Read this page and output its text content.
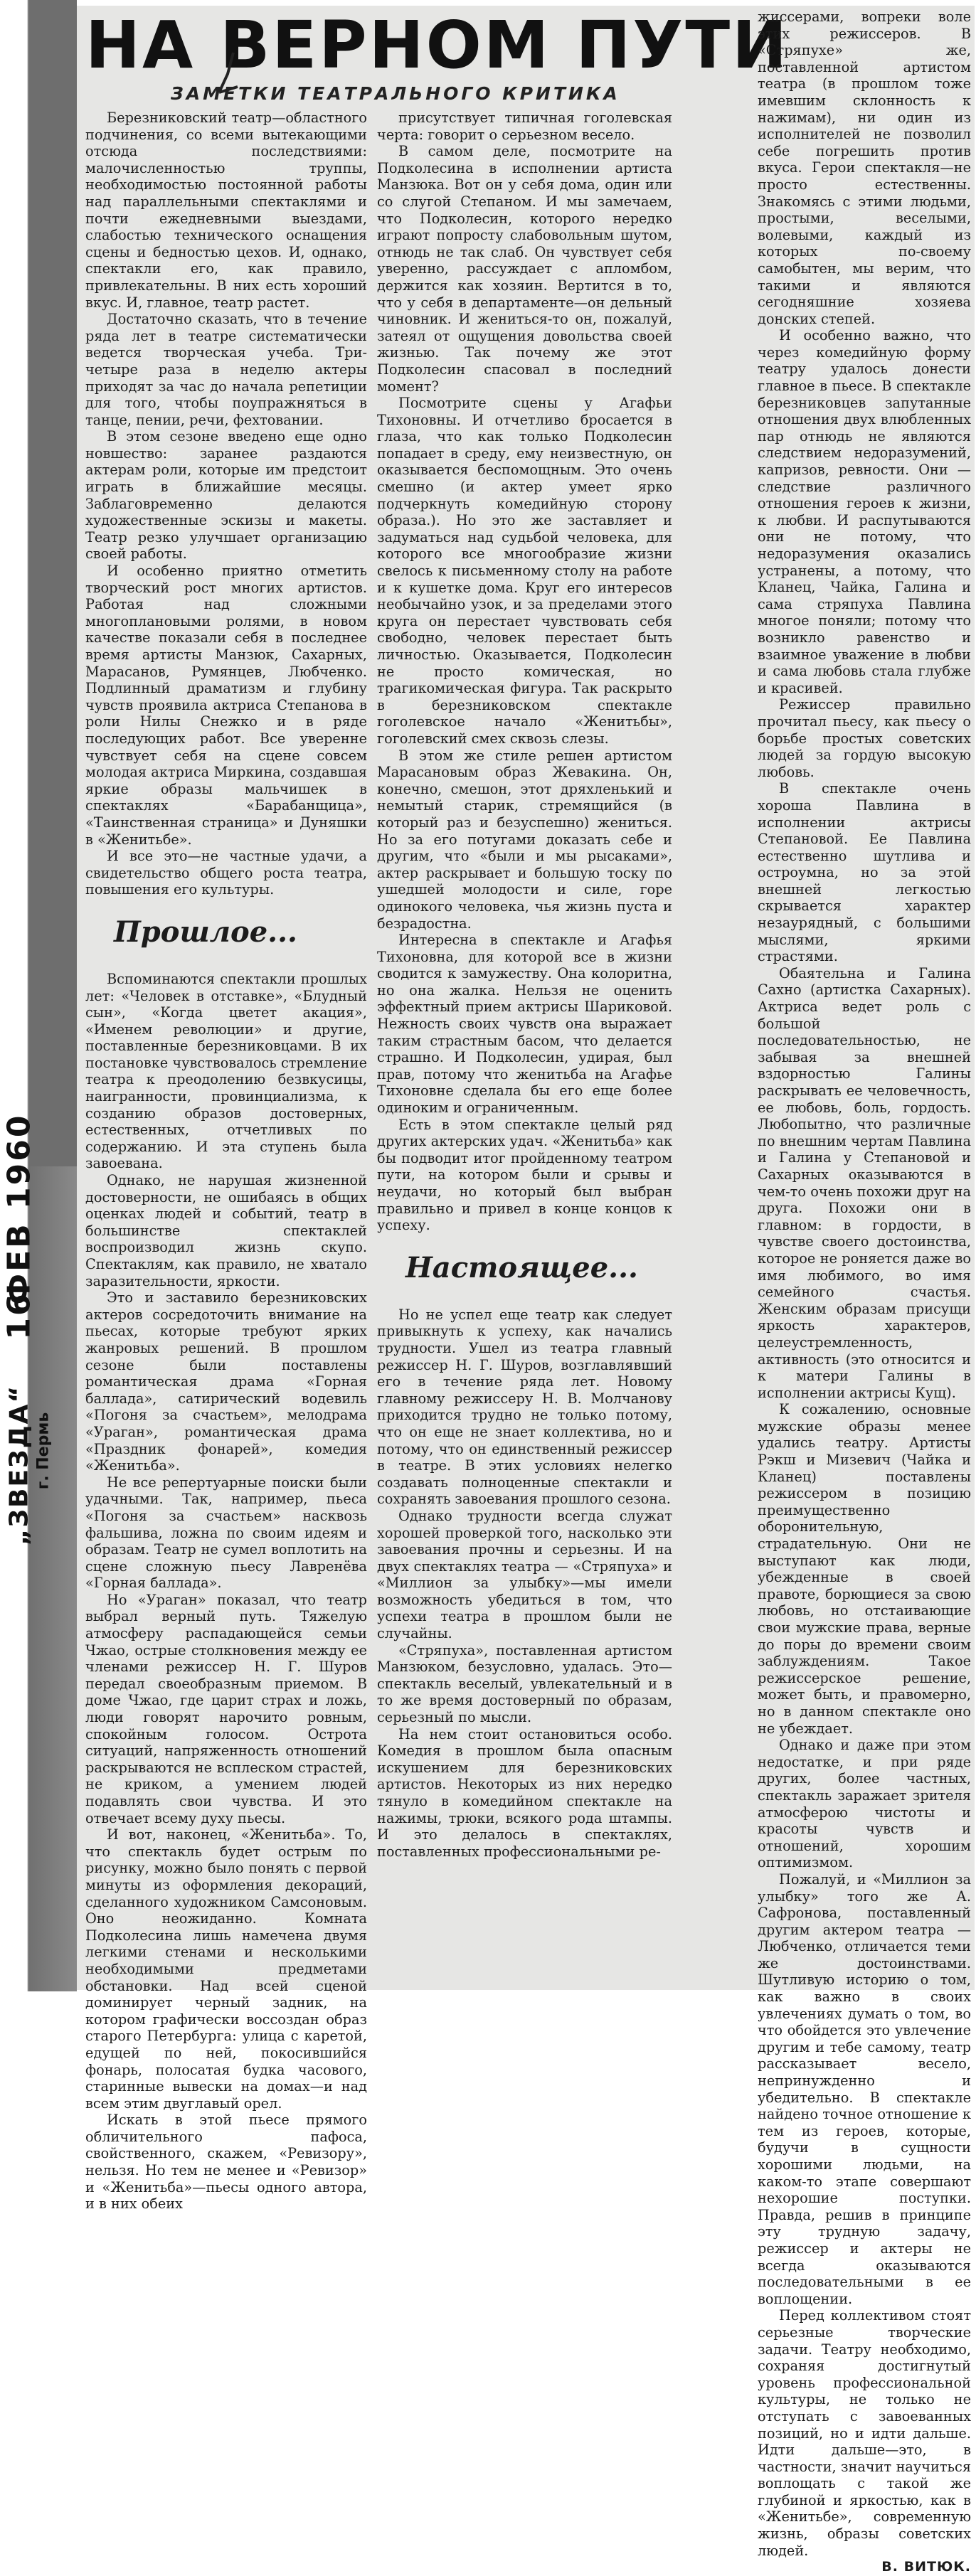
„ЗВЕЗДА“ г. Пермь
16
ФЕВ 1960
НА ВЕРНОМ ПУТИ
ЗАМЕТКИ ТЕАТРАЛЬНОГО КРИТИКА

Березниковский театр—областного подчинения, со всеми вытекающими отсюда последствиями: малочисленностью труппы, необходимостью постоянной работы над параллельными спектаклями и почти ежедневными выездами, слабостью технического оснащения сцены и бедностью цехов. И, однако, спектакли его, как правило, привлекательны. В них есть хороший вкус. И, главное, театр растет.

Достаточно сказать, что в течение ряда лет в театре систематически ведется творческая учеба. Три-четыре раза в неделю актеры приходят за час до начала репетиции для того, чтобы поупражняться в танце, пении, речи, фехтовании.

В этом сезоне введено еще одно новшество: заранее раздаются актерам роли, которые им предстоит играть в ближайшие месяцы. Заблаговременно делаются художественные эскизы и макеты. Театр резко улучшает организацию своей работы.

И особенно приятно отметить творческий рост многих артистов. Работая над сложными многоплановыми ролями, в новом качестве показали себя в последнее время артисты Манзюк, Сахарных, Марасанов, Румянцев, Любченко. Подлинный драматизм и глубину чувств проявила актриса Степанова в роли Нилы Снежко и в ряде последующих работ. Все уверенне чувствует себя на сцене совсем молодая актриса Миркина, создавшая яркие образы мальчишек в спектаклях «Барабанщица», «Таинственная страница» и Дуняшки в «Женитьбе».

И все это—не частные удачи, а свидетельство общего роста театра, повышения его культуры.

Прошлое...

Вспоминаются спектакли прошлых лет: «Человек в отставке», «Блудный сын», «Когда цветет акация», «Именем революции» и другие, поставленные березниковцами. В их постановке чувствовалось стремление театра к преодолению безвкусицы, наигранности, провинциализма, к созданию образов достоверных, естественных, отчетливых по содержанию. И эта ступень была завоевана.

Однако, не нарушая жизненной достоверности, не ошибаясь в общих оценках людей и событий, театр в большинстве спектаклей воспроизводил жизнь скупо. Спектаклям, как правило, не хватало заразительности, яркости.

Это и заставило березниковских актеров сосредоточить внимание на пьесах, которые требуют ярких жанровых решений. В прошлом сезоне были поставлены романтическая драма «Горная баллада», сатирический водевиль «Погоня за счастьем», мелодрама «Ураган», романтическая драма «Праздник фонарей», комедия «Женитьба».

Не все репертуарные поиски были удачными. Так, например, пьеса «Погоня за счастьем» насквозь фальшива, ложна по своим идеям и образам. Театр не сумел воплотить на сцене сложную пьесу Лавренёва «Горная баллада».

Но «Ураган» показал, что театр выбрал верный путь. Тяжелую атмосферу распадающейся семьи Чжао, острые столкновения между ее членами режиссер Н. Г. Шуров передал своеобразным приемом. В доме Чжао, где царит страх и ложь, люди говорят нарочито ровным, спокойным голосом. Острота ситуаций, напряженность отношений раскрываются не всплеском страстей, не криком, а умением людей подавлять свои чувства. И это отвечает всему духу пьесы.

И вот, наконец, «Женитьба». То, что спектакль будет острым по рисунку, можно было понять с первой минуты из оформления декораций, сделанного художником Самсоновым. Оно неожиданно. Комната Подколесина лишь намечена двумя легкими стенами и несколькими необходимыми предметами обстановки. Над всей сценой доминирует черный задник, на котором графически воссоздан образ старого Петербурга: улица с каретой, едущей по ней, покосившийся фонарь, полосатая будка часового, старинные вывески на домах—и над всем этим двуглавый орел.

Искать в этой пьесе прямого обличительного пафоса, свойственного, скажем, «Ревизору», нельзя. Но тем не менее и «Ревизор» и «Женитьба»—пьесы одного автора, и в них обеих

присутствует типичная гоголевская черта: говорит о серьезном весело.

В самом деле, посмотрите на Подколесина в исполнении артиста Манзюка. Вот он у себя дома, один или со слугой Степаном. И мы замечаем, что Подколесин, которого нередко играют попросту слабовольным шутом, отнюдь не так слаб. Он чувствует себя уверенно, рассуждает с апломбом, держится как хозяин. Вертится в то, что у себя в департаменте—он дельный чиновник. И жениться-то он, пожалуй, затеял от ощущения довольства своей жизнью. Так почему же этот Подколесин спасовал в последний момент?

Посмотрите сцены у Агафьи Тихоновны. И отчетливо бросается в глаза, что как только Подколесин попадает в среду, ему неизвестную, он оказывается беспомощным. Это очень смешно (и актер умеет ярко подчеркнуть комедийную сторону образа.). Но это же заставляет и задуматься над судьбой человека, для которого все многообразие жизни свелось к письменному столу на работе и к кушетке дома. Круг его интересов необычайно узок, и за пределами этого круга он перестает чувствовать себя свободно, человек перестает быть личностью. Оказывается, Подколесин не просто комическая, но трагикомическая фигура. Так раскрыто в березниковском спектакле гоголевское начало «Женитьбы», гоголевский смех сквозь слезы.

В этом же стиле решен артистом Марасановым образ Жевакина. Он, конечно, смешон, этот дряхленький и немытый старик, стремящийся (в который раз и безуспешно) жениться. Но за его потугами доказать себе и другим, что «были и мы рысаками», актер раскрывает и большую тоску по ушедшей молодости и силе, горе одинокого человека, чья жизнь пуста и безрадостна.

Интересна в спектакле и Агафья Тихоновна, для которой все в жизни сводится к замужеству. Она колоритна, но она жалка. Нельзя не оценить эффектный прием актрисы Шариковой. Нежность своих чувств она выражает таким страстным басом, что делается страшно. И Подколесин, удирая, был прав, потому что женитьба на Агафье Тихоновне сделала бы его еще более одиноким и ограниченным.

Есть в этом спектакле целый ряд других актерских удач. «Женитьба» как бы подводит итог пройденному театром пути, на котором были и срывы и неудачи, но который был выбран правильно и привел в конце концов к успеху.

Настоящее...

Но не успел еще театр как следует привыкнуть к успеху, как начались трудности. Ушел из театра главный режиссер Н. Г. Шуров, возглавлявший его в течение ряда лет. Новому главному режиссеру Н. В. Молчанову приходится трудно не только потому, что он еще не знает коллектива, но и потому, что он единственный режиссер в театре. В этих условиях нелегко создавать полноценные спектакли и сохранять завоевания прошлого сезона.

Однако трудности всегда служат хорошей проверкой того, насколько эти завоевания прочны и серьезны. И на двух спектаклях театра — «Стряпуха» и «Миллион за улыбку»—мы имели возможность убедиться в том, что успехи театра в прошлом были не случайны.

«Стряпуха», поставленная артистом Манзюком, безусловно, удалась. Это—спектакль веселый, увлекательный и в то же время достоверный по образам, серьезный по мысли.

На нем стоит остановиться особо. Комедия в прошлом была опасным искушением для березниковских артистов. Некоторых из них нередко тянуло в комедийном спектакле на нажимы, трюки, всякого рода штампы. И это делалось в спектаклях, поставленных профессиональными ре-

жиссерами, вопреки воле этих режиссеров. В «Стряпухе» же, поставленной артистом театра (в прошлом тоже имевшим склонность к нажимам), ни один из исполнителей не позволил себе погрешить против вкуса. Герои спектакля—не просто естественны. Знакомясь с этими людьми, простыми, веселыми, волевыми, каждый из которых по-своему самобытен, мы верим, что такими и являются сегодняшние хозяева донских степей.

И особенно важно, что через комедийную форму театру удалось донести главное в пьесе. В спектакле березниковцев запутанные отношения двух влюбленных пар отнюдь не являются следствием недоразумений, капризов, ревности. Они — следствие различного отношения героев к жизни, к любви. И распутываются они не потому, что недоразумения оказались устранены, а потому, что Кланец, Чайка, Галина и сама стряпуха Павлина многое поняли; потому что возникло равенство и взаимное уважение в любви и сама любовь стала глубже и красивей.

Режиссер правильно прочитал пьесу, как пьесу о борьбе простых советских людей за гордую высокую любовь.

В спектакле очень хороша Павлина в исполнении актрисы Степановой. Ее Павлина естественно шутлива и остроумна, но за этой внешней легкостью скрывается характер незаурядный, с большими мыслями, яркими страстями.

Обаятельна и Галина Сахно (артистка Сахарных). Актриса ведет роль с большой последовательностью, не забывая за внешней вздорностью Галины раскрывать ее человечность, ее любовь, боль, гордость. Любопытно, что различные по внешним чертам Павлина и Галина у Степановой и Сахарных оказываются в чем-то очень похожи друг на друга. Похожи они в главном: в гордости, в чувстве своего достоинства, которое не роняется даже во имя любимого, во имя семейного счастья. Женским образам присущи яркость характеров, целеустремленность, активность (это относится и к матери Галины в исполнении актрисы Кущ).

К сожалению, основные мужские образы менее удались театру. Артисты Рэкш и Мизевич (Чайка и Кланец) поставлены режиссером в позицию преимущественно оборонительную, страдательную. Они не выступают как люди, убежденные в своей правоте, борющиеся за свою любовь, но отстаивающие свои мужские права, верные до поры до времени своим заблуждениям. Такое режиссерское решение, может быть, и правомерно, но в данном спектакле оно не убеждает.

Однако и даже при этом недостатке, и при ряде других, более частных, спектакль заражает зрителя атмосферою чистоты и красоты чувств и отношений, хорошим оптимизмом.

Пожалуй, и «Миллион за улыбку» того же А. Сафронова, поставленный другим актером театра — Любченко, отличается теми же достоинствами. Шутливую историю о том, как важно в своих увлечениях думать о том, во что обойдется это увлечение другим и тебе самому, театр рассказывает весело, непринужденно и убедительно. В спектакле найдено точное отношение к тем из героев, которые, будучи в сущности хорошими людьми, на каком-то этапе совершают нехорошие поступки. Правда, решив в принципе эту трудную задачу, режиссер и актеры не всегда оказываются последовательными в ее воплощении.

Перед коллективом стоят серьезные творческие задачи. Театру необходимо, сохраняя достигнутый уровень профессиональной культуры, не только не отступать с завоеванных позиций, но и идти дальше. Идти дальше—это, в частности, значит научиться воплощать с такой же глубиной и яркостью, как в «Женитьбе», современную жизнь, образы советских людей.

В. ВИТЮК.
